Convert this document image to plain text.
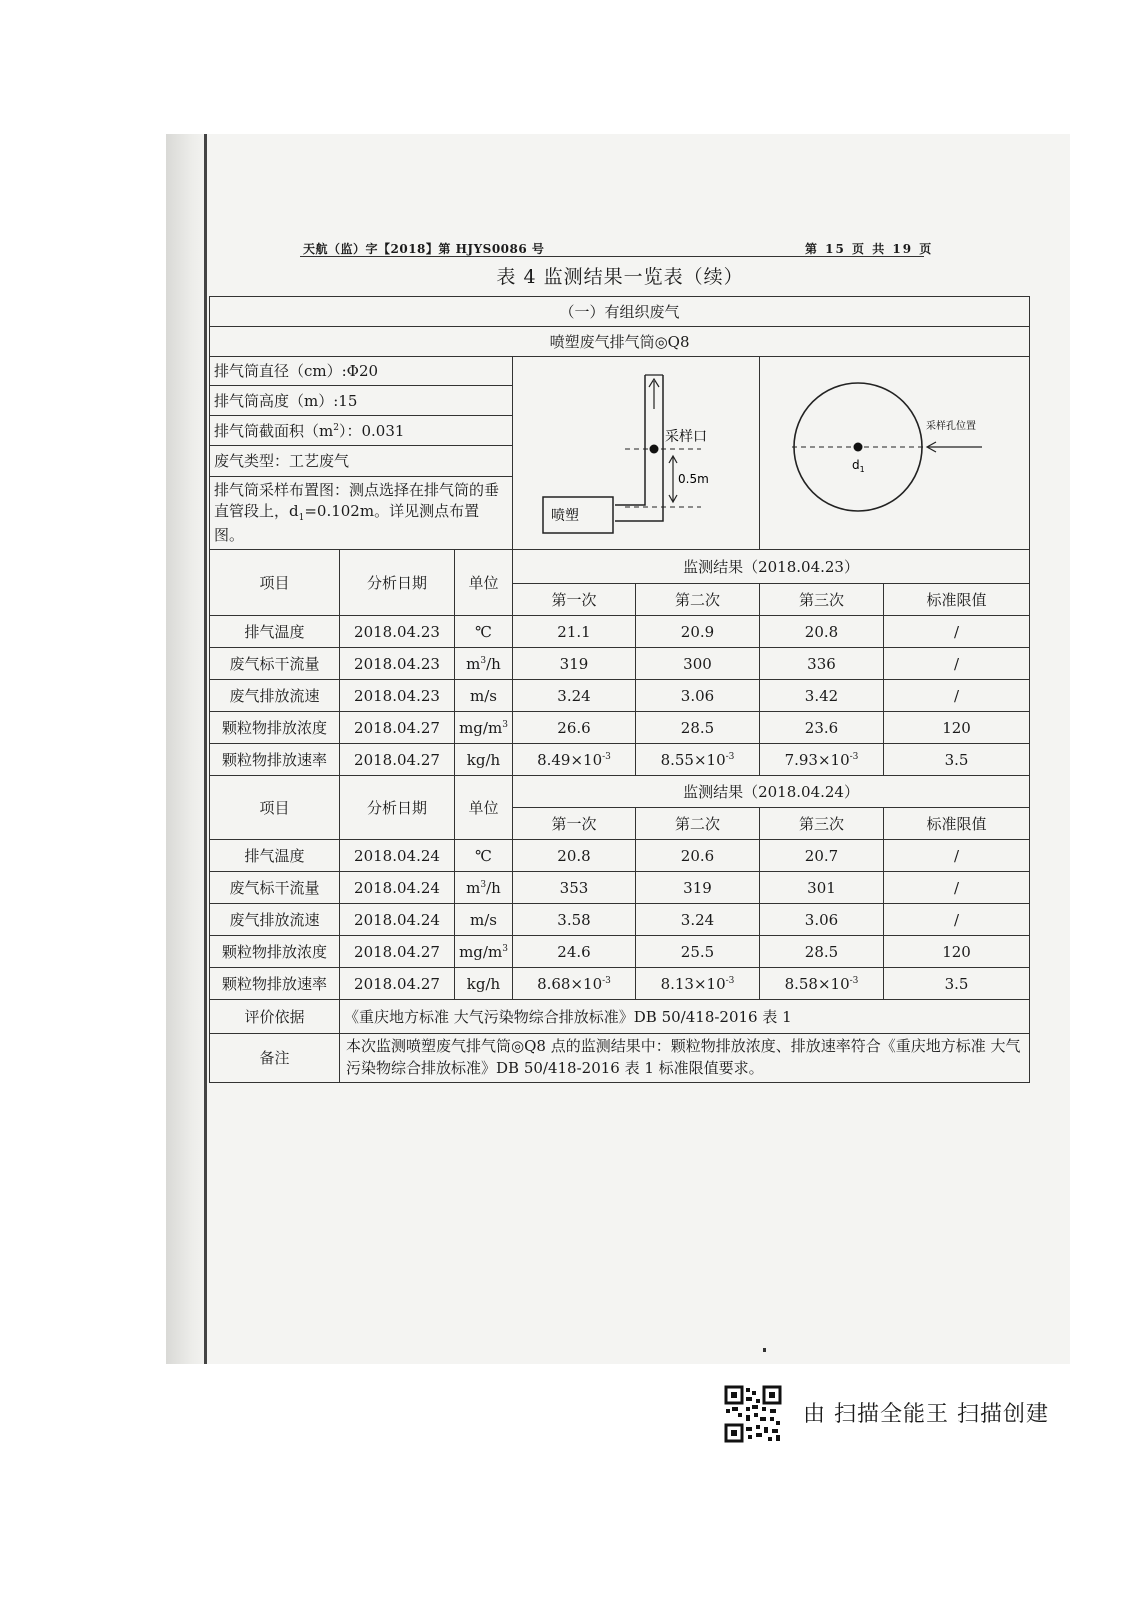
天航（监）字【2018】第 HJYS0086 号	第 15 页 共 19 页
表 4 监测结果一览表（续）
（一）有组织废气						
喷塑废气排气筒◎Q8						
排气筒直径（cm）:Φ20			采样口
0.5m
喷塑		$d_1$
采样孔位置	

排气筒高度（m）:15						
排气筒截面积$(m^2)$：0.031						
废气类型：工艺废气						
排气筒采样布置图：测点选择在排气筒的垂直管段上，$d_1=0.102m$。详见测点布置图。						
项目	分析日期	单位	监测结果（2018.04.23）			
			第一次	第二次	第三次	标准限值
排气温度	2018.04.23	℃	21.1	20.9	20.8	/
废气标干流量	2018.04.23	$m^3/h$	319	300	336	/
废气排放流速	2018.04.23	m/s	3.24	3.06	3.42	/
颗粒物排放浓度	2018.04.27	$mg/m^3$	26.6	28.5	23.6	120
颗粒物排放速率	2018.04.27	kg/h	$8.49\times 10^{-3}$	$8.55\times 10^{-3}$	$7.93\times 10^{-3}$	3.5
项目	分析日期	单位	监测结果（2018.04.24）			
			第一次	第二次	第三次	标准限值
排气温度	2018.04.24	℃	20.8	20.6	20.7	/
废气标干流量	2018.04.24	$m^3/h$	353	319	301	/
废气排放流速	2018.04.24	m/s	3.58	3.24	3.06	/
颗粒物排放浓度	2018.04.27	$mg/m^3$	24.6	25.5	28.5	120
颗粒物排放速率	2018.04.27	kg/h	$8.68\times 10^{-3}$	$8.13\times 10^{-3}$	$8.58\times 10^{-3}$	3.5
评价依据	《重庆地方标准 大气污染物综合排放标准》DB 50/418-2016 表 1					
备注	本次监测喷塑废气排气筒◎Q8 点的监测结果中：颗粒物排放浓度、排放速率符合《重庆地方标准 大气污染物综合排放标准》DB 50/418-2016 表 1 标准限值要求。					
由 扫描全能王 扫描创建
